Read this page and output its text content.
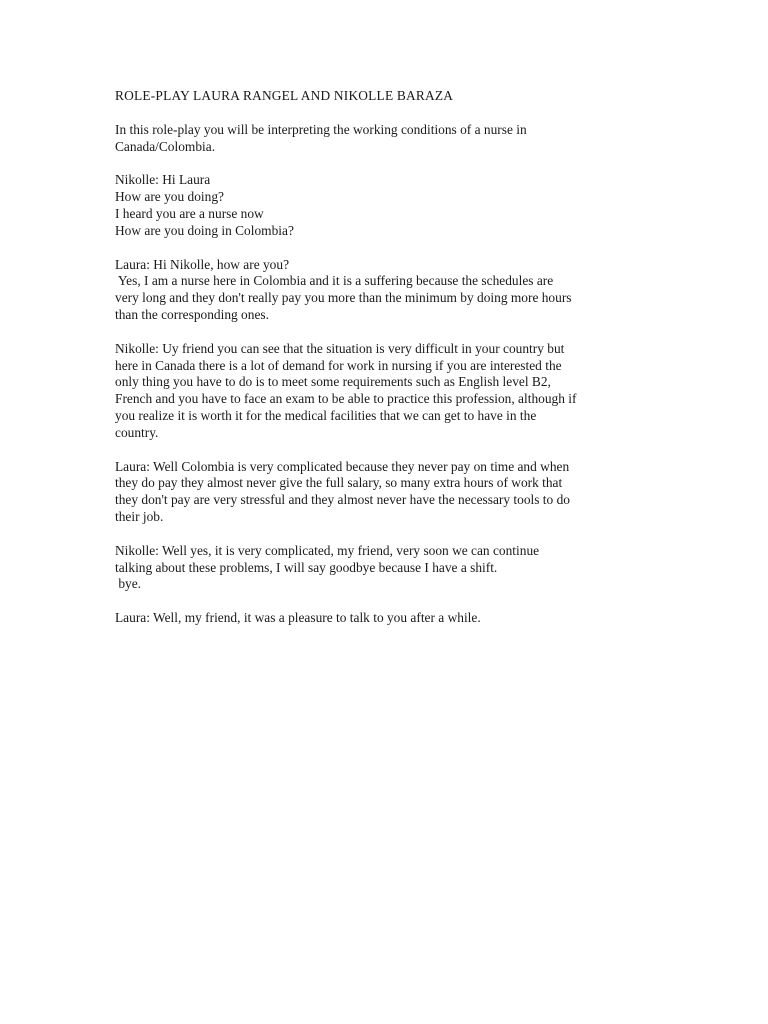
ROLE-PLAY LAURA RANGEL AND NIKOLLE BARAZA
In this role-play you will be interpreting the working conditions of a nurse in
Canada/Colombia.
Nikolle: Hi Laura
How are you doing?
I heard you are a nurse now
How are you doing in Colombia?
Laura: Hi Nikolle, how are you?
Yes, I am a nurse here in Colombia and it is a suffering because the schedules are
very long and they don't really pay you more than the minimum by doing more hours
than the corresponding ones.
Nikolle: Uy friend you can see that the situation is very difficult in your country but
here in Canada there is a lot of demand for work in nursing if you are interested the
only thing you have to do is to meet some requirements such as English level B2,
French and you have to face an exam to be able to practice this profession, although if
you realize it is worth it for the medical facilities that we can get to have in the
country.
Laura: Well Colombia is very complicated because they never pay on time and when
they do pay they almost never give the full salary, so many extra hours of work that
they don't pay are very stressful and they almost never have the necessary tools to do
their job.
Nikolle: Well yes, it is very complicated, my friend, very soon we can continue
talking about these problems, I will say goodbye because I have a shift.
bye.
Laura: Well, my friend, it was a pleasure to talk to you after a while.
